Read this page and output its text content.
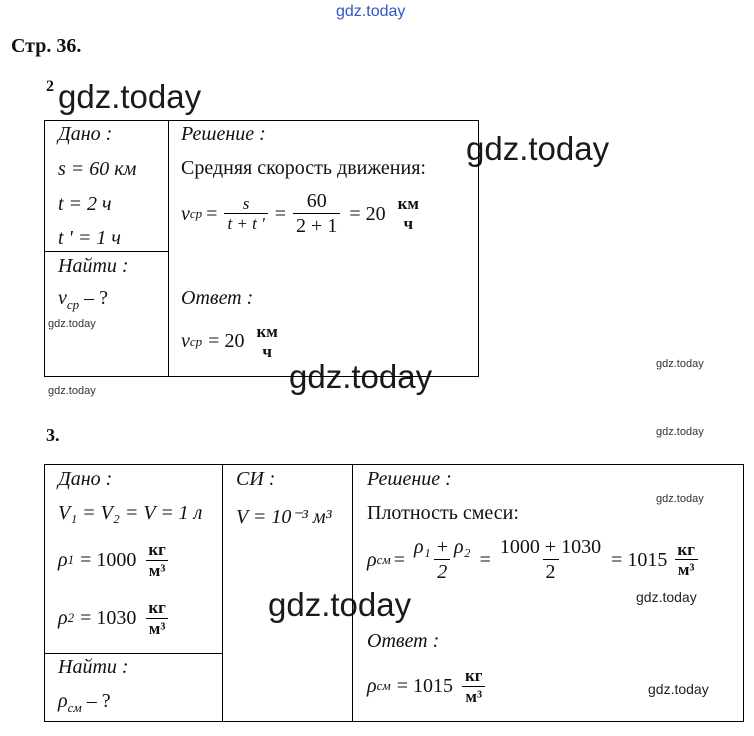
gdz.today
gdz.today
gdz.today
gdz.today
gdz.today
gdz.today
gdz.today
gdz.today
gdz.today
gdz.today
gdz.today
gdz.today
Стр. 36.
2
Дано :
s = 60 км
t = 2 ч
t ' = 1 ч
Найти :
$v_{ср}$ – ?
Решение :
Средняя скорость движения:
v ср = $\frac{s}{t + t '} = \frac{60}{2 + 1} = 20$ км
ч
Ответ :
v ср = 20 км
ч
3.
Дано :
V₁ = V₂ = V = 1 л
ρ $1 = 1000 \frac{кг}{\text{м³}}$
ρ $2 = 1030 \frac{кг}{\text{м³}}$
Найти :
$\rho_{см}$ – ?
СИ :
V = 10⁻³ м³
Решение :
Плотность смеси:
ρ см = $\frac{\text{ρ₁ + ρ₂}}{2} = \frac{1000 + 1030}{2} = 1015 \frac{кг}{\text{м³}}$
Ответ :
ρ см = $1015 \frac{кг}{\text{м³}}$
